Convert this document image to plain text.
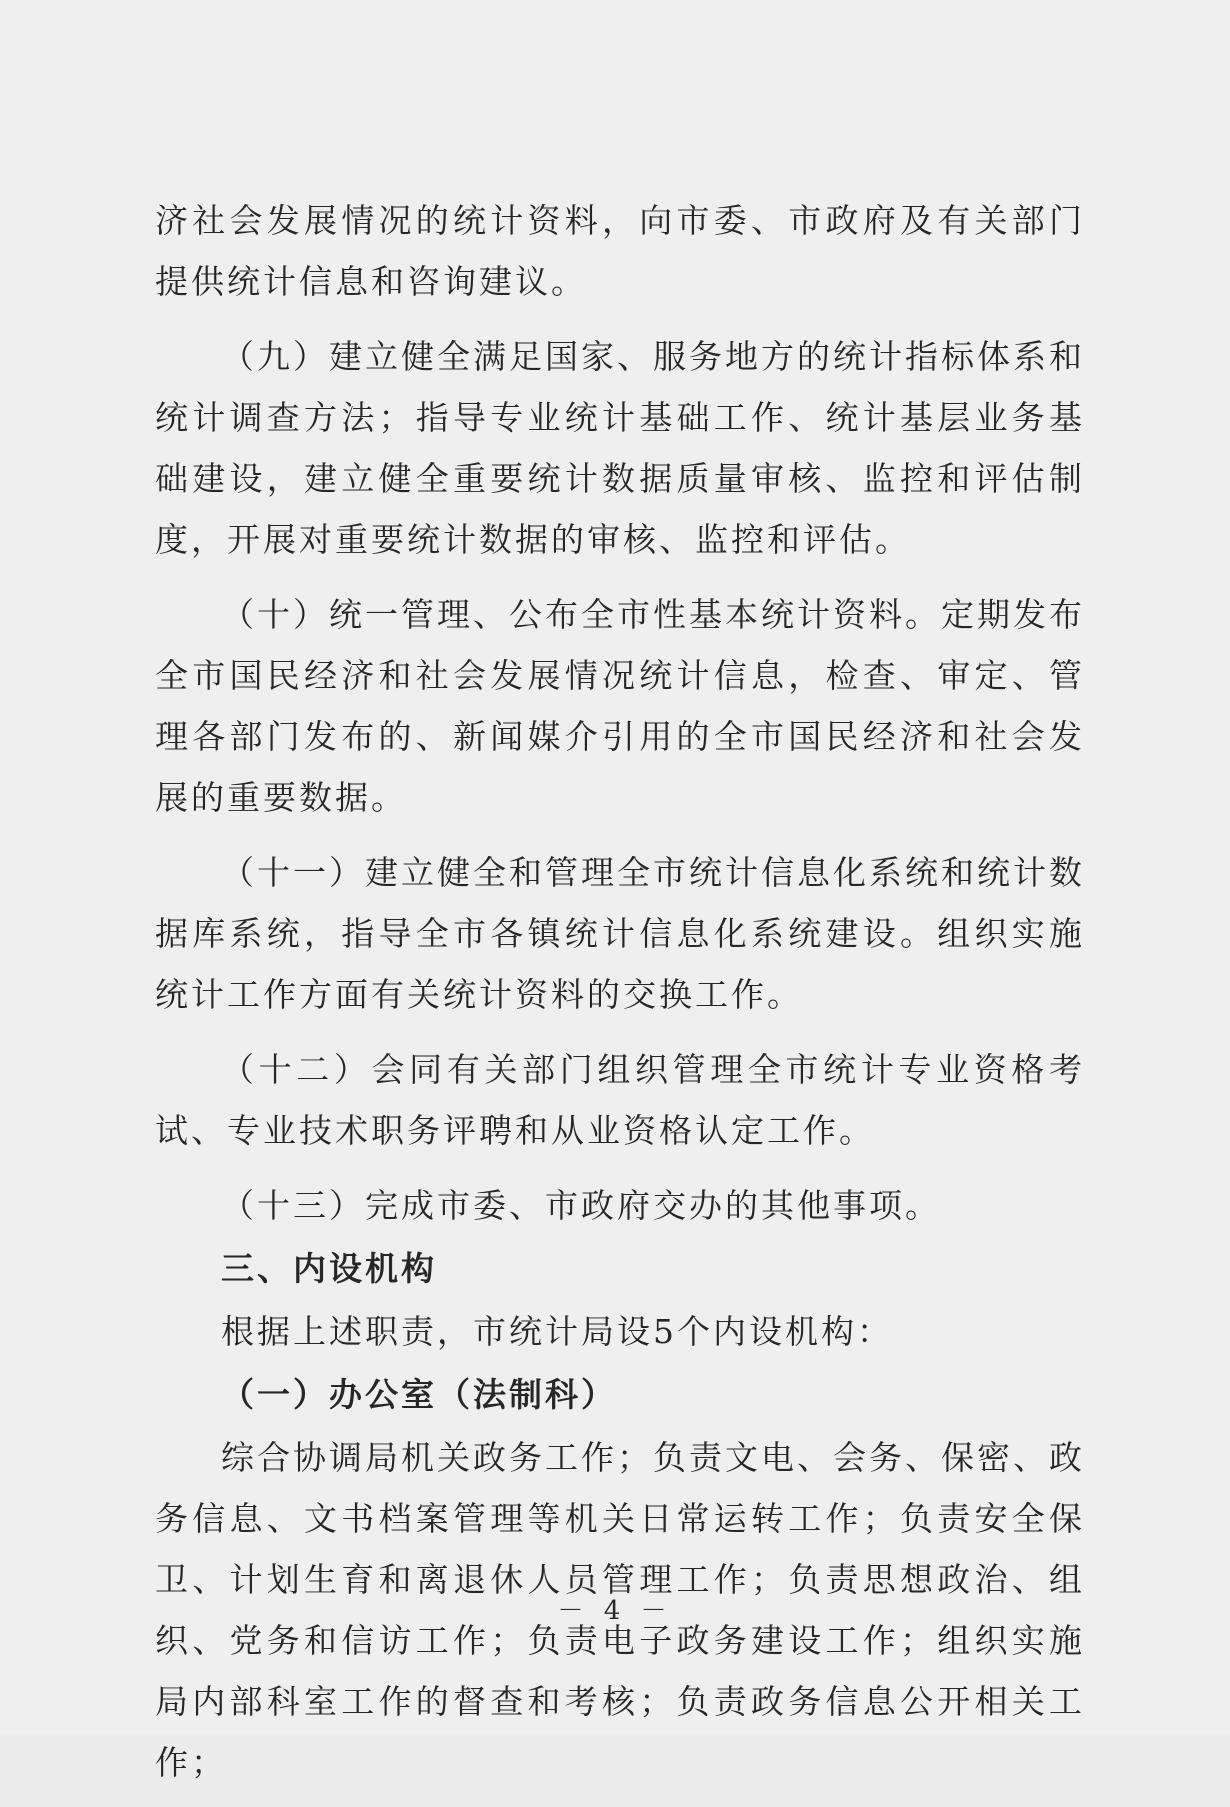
济社会发展情况的统计资料，向市委、市政府及有关部门提供统计信息和咨询建议。

（九）建立健全满足国家、服务地方的统计指标体系和统计调查方法；指导专业统计基础工作、统计基层业务基础建设，建立健全重要统计数据质量审核、监控和评估制度，开展对重要统计数据的审核、监控和评估。

（十）统一管理、公布全市性基本统计资料。定期发布全市国民经济和社会发展情况统计信息，检查、审定、管理各部门发布的、新闻媒介引用的全市国民经济和社会发展的重要数据。

（十一）建立健全和管理全市统计信息化系统和统计数据库系统，指导全市各镇统计信息化系统建设。组织实施统计工作方面有关统计资料的交换工作。

（十二）会同有关部门组织管理全市统计专业资格考试、专业技术职务评聘和从业资格认定工作。

（十三）完成市委、市政府交办的其他事项。

三、内设机构

根据上述职责，市统计局设5个内设机构：

（一）办公室（法制科）

综合协调局机关政务工作；负责文电、会务、保密、政务信息、文书档案管理等机关日常运转工作；负责安全保卫、计划生育和离退休人员管理工作；负责思想政治、组织、党务和信访工作；负责电子政务建设工作；组织实施局内部科室工作的督查和考核；负责政务信息公开相关工作；

－ 4 －
